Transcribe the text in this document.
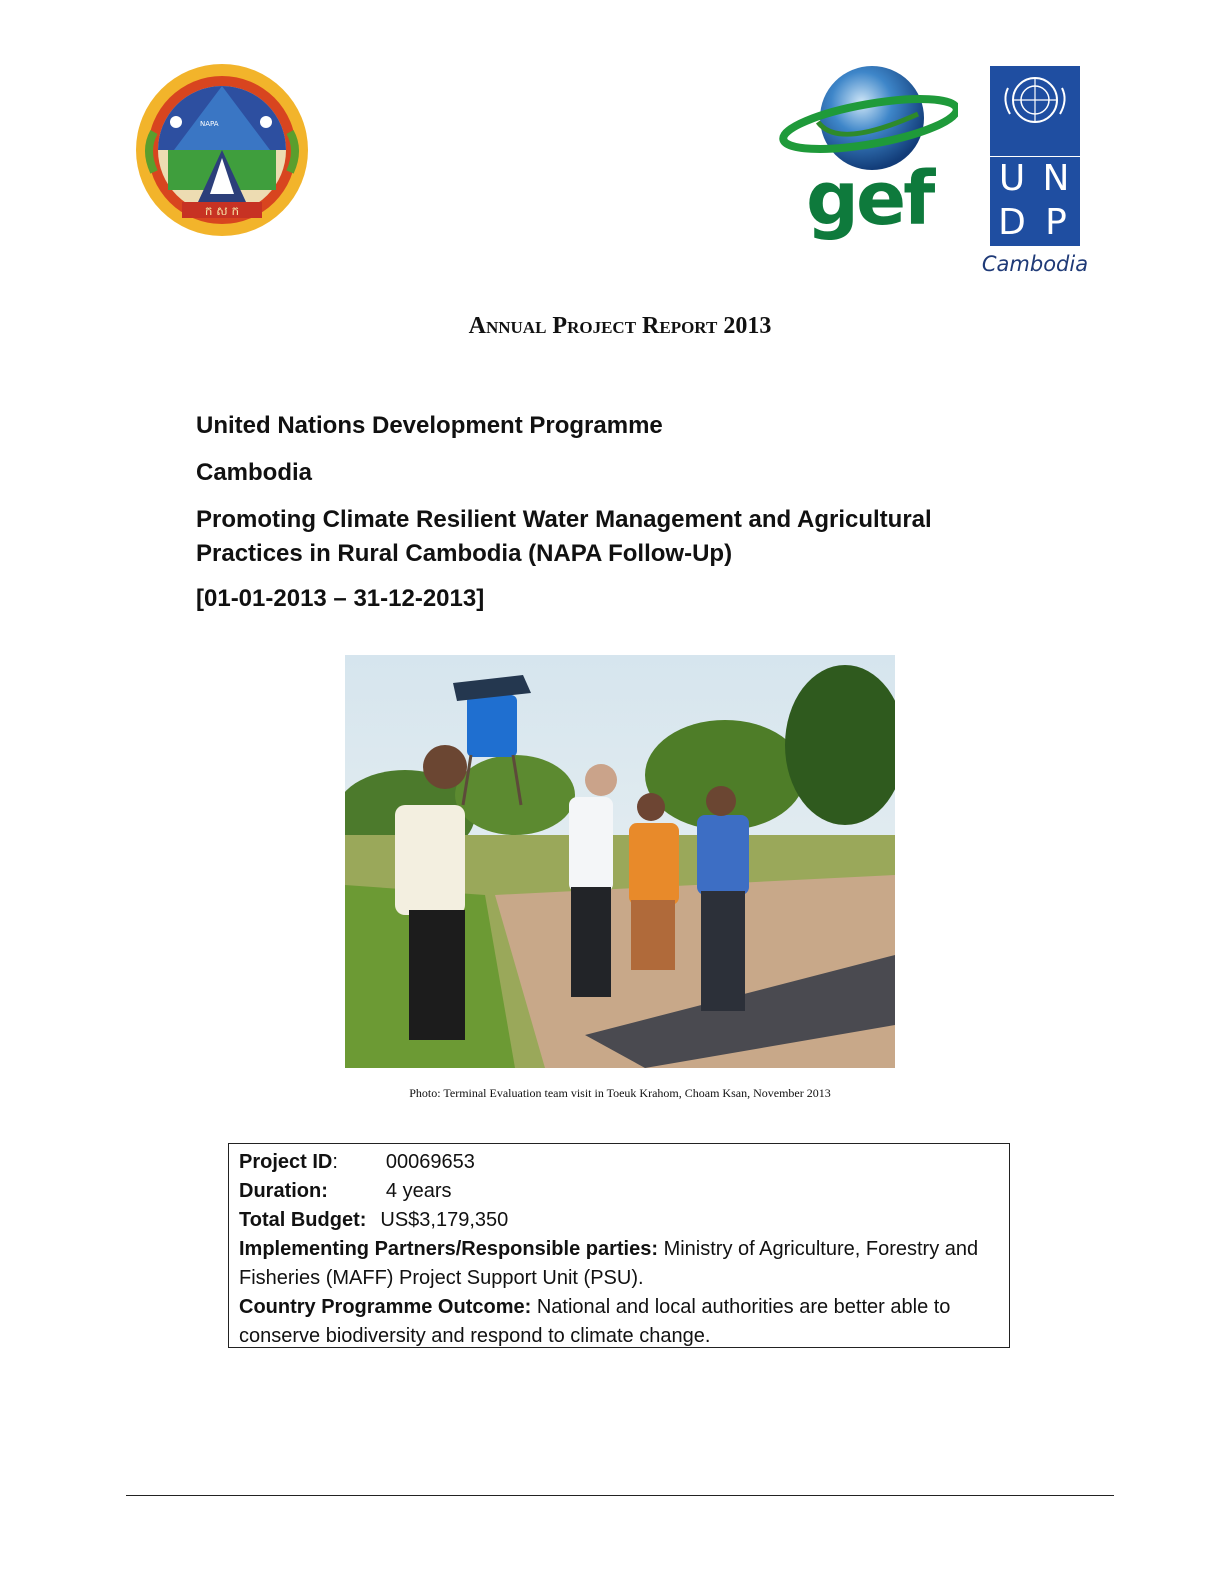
ក ស ក
NAPA
gef	U N
D P
Cambodia
Annual Project Report 2013
United Nations Development Programme
Cambodia
Promoting Climate Resilient Water Management and Agricultural Practices in Rural Cambodia (NAPA Follow-Up)
[01-01-2013 – 31-12-2013]
Photo: Terminal Evaluation team visit in Toeuk Krahom, Choam Ksan, November 2013
Project ID: 00069653
Duration:	4 years
Total Budget: US$3,179,350
Implementing Partners/Responsible parties: Ministry of Agriculture, Forestry and Fisheries (MAFF) Project Support Unit (PSU).
Country Programme Outcome: National and local authorities are better able to conserve biodiversity and respond to climate change.
